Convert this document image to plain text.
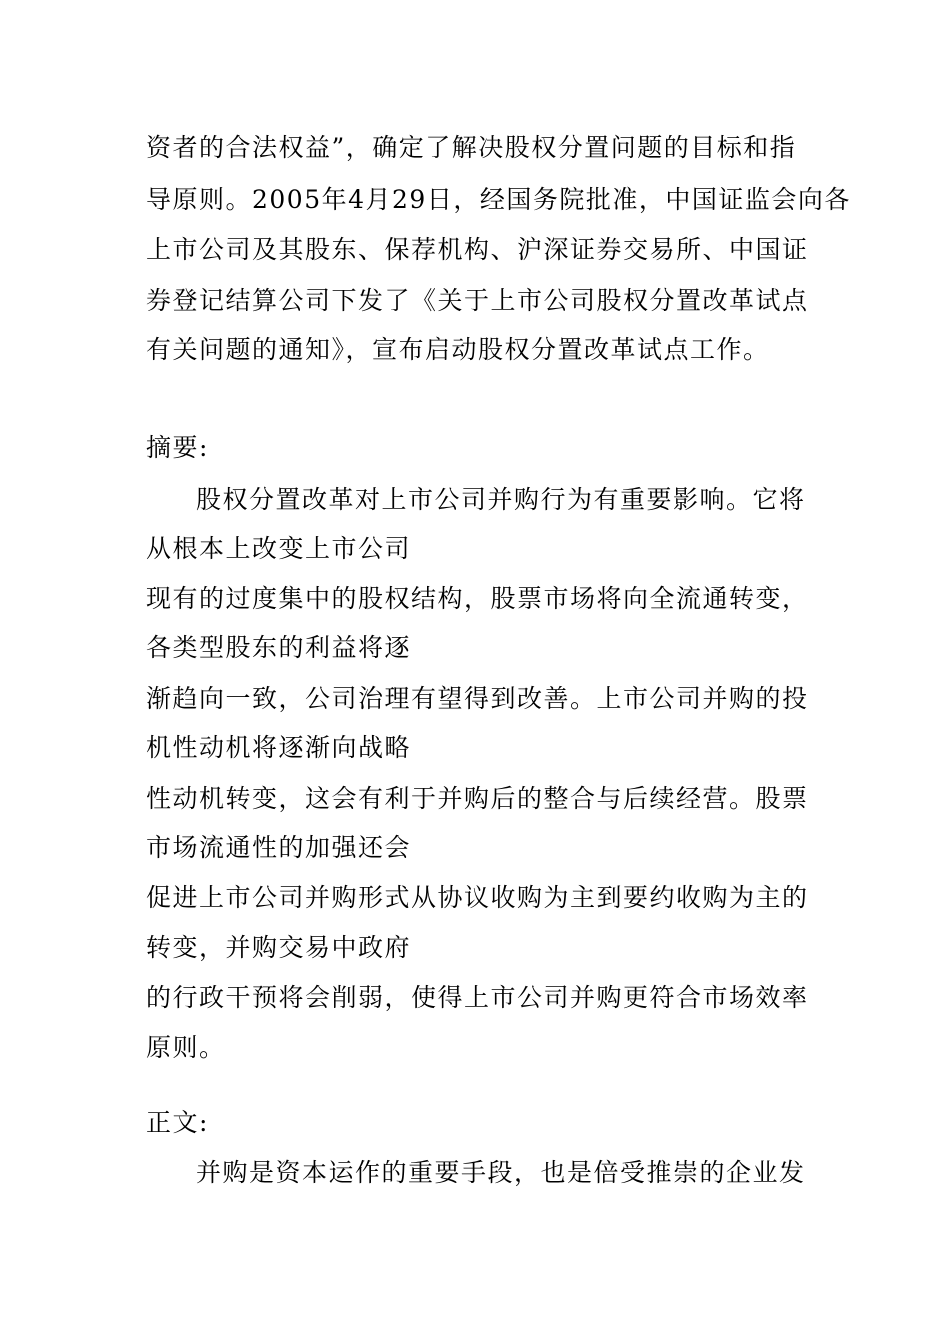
资者的合法权益”，确定了解决股权分置问题的目标和指
导原则。2005年4月29日，经国务院批准，中国证监会向各
上市公司及其股东、保荐机构、沪深证券交易所、中国证
券登记结算公司下发了《关于上市公司股权分置改革试点
有关问题的通知》，宣布启动股权分置改革试点工作。
摘要:
股权分置改革对上市公司并购行为有重要影响。它将
从根本上改变上市公司
现有的过度集中的股权结构，股票市场将向全流通转变，
各类型股东的利益将逐
渐趋向一致，公司治理有望得到改善。上市公司并购的投
机性动机将逐渐向战略
性动机转变，这会有利于并购后的整合与后续经营。股票
市场流通性的加强还会
促进上市公司并购形式从协议收购为主到要约收购为主的
转变，并购交易中政府
的行政干预将会削弱，使得上市公司并购更符合市场效率
原则。
正文:
并购是资本运作的重要手段，也是倍受推崇的企业发
